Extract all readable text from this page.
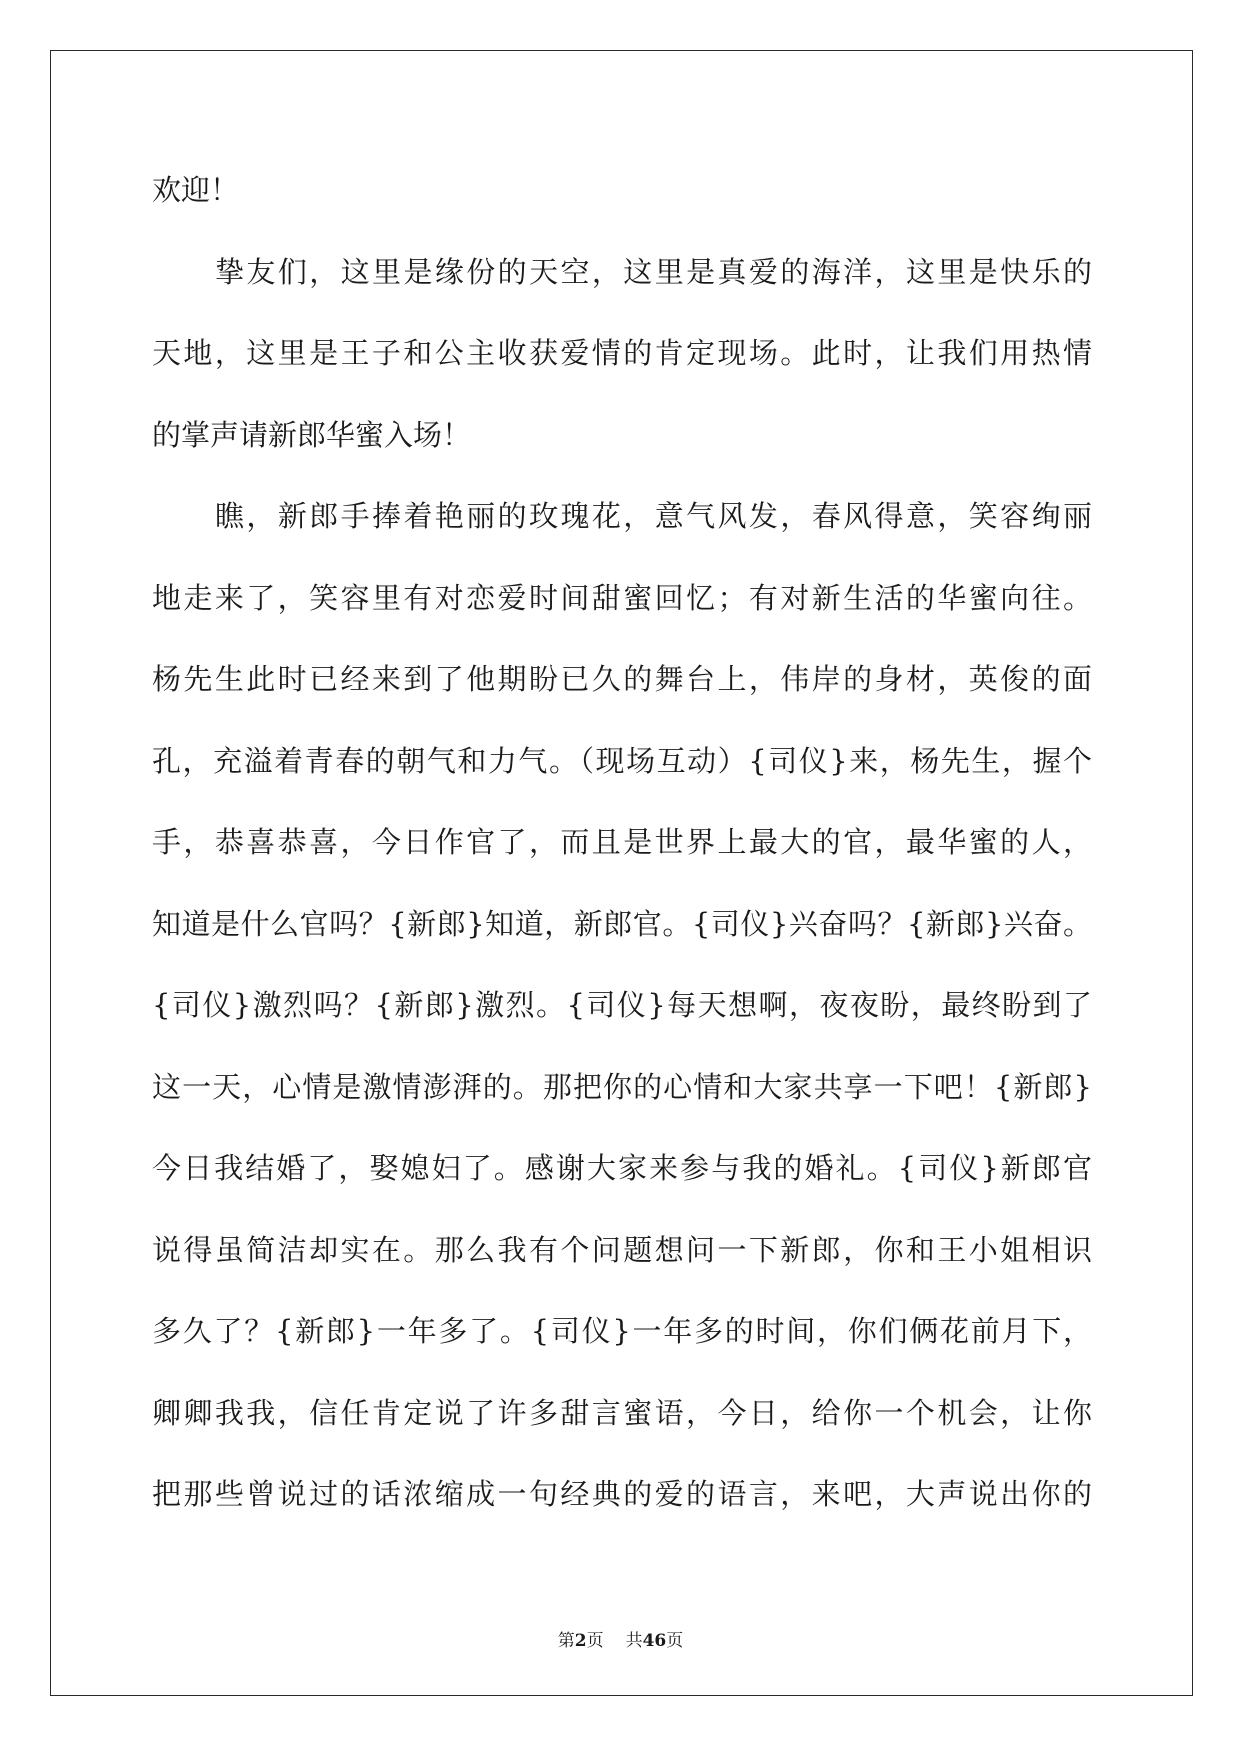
欢迎！
挚友们，这里是缘份的天空，这里是真爱的海洋，这里是快乐的
天地，这里是王子和公主收获爱情的肯定现场。此时，让我们用热情
的掌声请新郎华蜜入场！
瞧，新郎手捧着艳丽的玫瑰花，意气风发，春风得意，笑容绚丽
地走来了，笑容里有对恋爱时间甜蜜回忆；有对新生活的华蜜向往。
杨先生此时已经来到了他期盼已久的舞台上，伟岸的身材，英俊的面
孔，充溢着青春的朝气和力气。（现场互动）{司仪}来，杨先生，握个
手，恭喜恭喜，今日作官了，而且是世界上最大的官，最华蜜的人，
知道是什么官吗？{新郎}知道，新郎官。{司仪}兴奋吗？{新郎}兴奋。
{司仪}激烈吗？{新郎}激烈。{司仪}每天想啊，夜夜盼，最终盼到了
这一天，心情是激情澎湃的。那把你的心情和大家共享一下吧！{新郎}
今日我结婚了，娶媳妇了。感谢大家来参与我的婚礼。{司仪}新郎官
说得虽简洁却实在。那么我有个问题想问一下新郎，你和王小姐相识
多久了？{新郎}一年多了。{司仪}一年多的时间，你们俩花前月下，
卿卿我我，信任肯定说了许多甜言蜜语，今日，给你一个机会，让你
把那些曾说过的话浓缩成一句经典的爱的语言，来吧，大声说出你的
第2页 共46页
